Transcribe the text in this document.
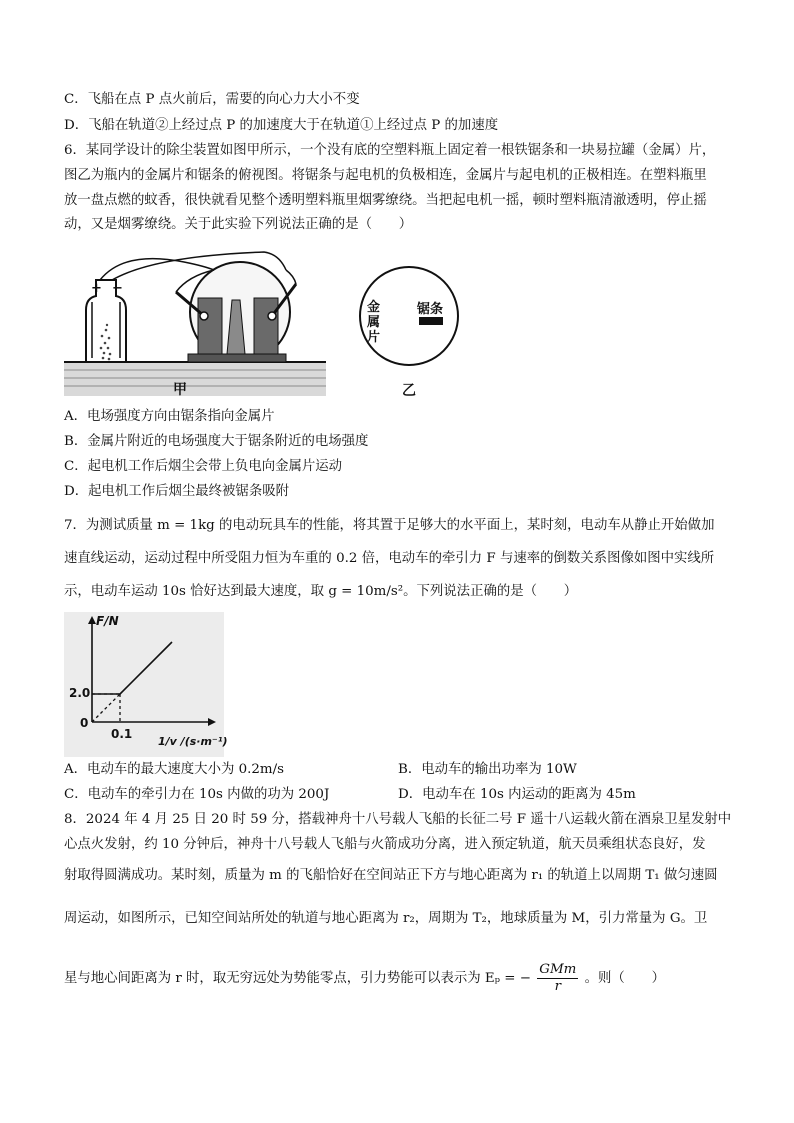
C．飞船在点 P 点火前后，需要的向心力大小不变
D．飞船在轨道②上经过点 P 的加速度大于在轨道①上经过点 P 的加速度
6．某同学设计的除尘装置如图甲所示，一个没有底的空塑料瓶上固定着一根铁锯条和一块易拉罐（金属）片，
图乙为瓶内的金属片和锯条的俯视图。将锯条与起电机的负极相连，金属片与起电机的正极相连。在塑料瓶里
放一盘点燃的蚊香，很快就看见整个透明塑料瓶里烟雾缭绕。当把起电机一摇，顿时塑料瓶清澈透明，停止摇
动，又是烟雾缭绕。关于此实验下列说法正确的是（　　）
+ −
甲
金属片
锯条
乙
A．电场强度方向由锯条指向金属片
B．金属片附近的电场强度大于锯条附近的电场强度
C．起电机工作后烟尘会带上负电向金属片运动
D．起电机工作后烟尘最终被锯条吸附
7．为测试质量 m = 1kg 的电动玩具车的性能，将其置于足够大的水平面上，某时刻，电动车从静止开始做加
速直线运动，运动过程中所受阻力恒为车重的 0.2 倍，电动车的牵引力 F 与速率的倒数关系图像如图中实线所
示，电动车运动 10s 恰好达到最大速度，取 g = 10m/s²。下列说法正确的是（　　）
F/N
2.0
0
0.1
1/v /(s·m⁻¹)
A．电动车的最大速度大小为 0.2m/s	B．电动车的输出功率为 10W
C．电动车的牵引力在 10s 内做的功为 200J	D．电动车在 10s 内运动的距离为 45m
8．2024 年 4 月 25 日 20 时 59 分，搭载神舟十八号载人飞船的长征二号 F 遥十八运载火箭在酒泉卫星发射中
心点火发射，约 10 分钟后，神舟十八号载人飞船与火箭成功分离，进入预定轨道，航天员乘组状态良好，发
射取得圆满成功。某时刻，质量为 m 的飞船恰好在空间站正下方与地心距离为 r₁ 的轨道上以周期 T₁ 做匀速圆
周运动，如图所示，已知空间站所处的轨道与地心距离为 r₂，周期为 T₂，地球质量为 M，引力常量为 G。卫
星与地心间距离为 r 时，取无穷远处为势能零点，引力势能可以表示为 Eₚ = −
GMm
r
。则（　　）
